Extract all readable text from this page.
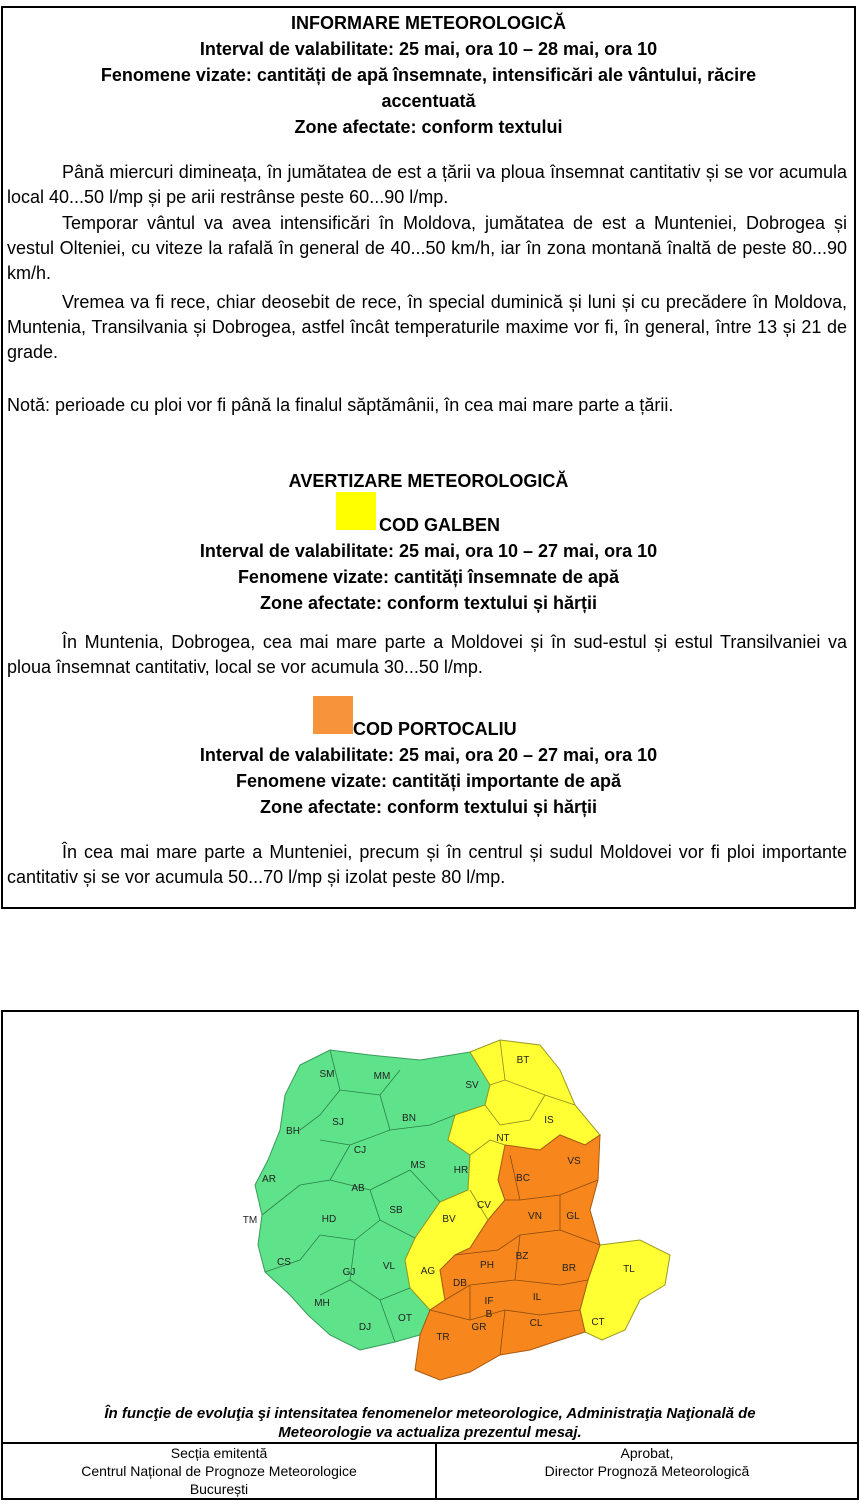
INFORMARE METEOROLOGICĂ
Interval de valabilitate: 25 mai, ora 10 – 28 mai, ora 10
Fenomene vizate: cantități de apă însemnate, intensificări ale vântului, răcire
accentuată
Zone afectate: conform textului

Până miercuri dimineața, în jumătatea de est a țării va ploua însemnat cantitativ și se vor acumula local 40...50 l/mp și pe arii restrânse peste 60...90 l/mp.

Temporar vântul va avea intensificări în Moldova, jumătatea de est a Munteniei, Dobrogea și vestul Olteniei, cu viteze la rafală în general de 40...50 km/h, iar în zona montană înaltă de peste 80...90 km/h.

Vremea va fi rece, chiar deosebit de rece, în special duminică și luni și cu precădere în Moldova, Muntenia, Transilvania și Dobrogea, astfel încât temperaturile maxime vor fi, în general, între 13 și 21 de grade.

Notă: perioade cu ploi vor fi până la finalul săptămânii, în cea mai mare parte a țării.

AVERTIZARE METEOROLOGICĂ
COD GALBEN
Interval de valabilitate: 25 mai, ora 10 – 27 mai, ora 10
Fenomene vizate: cantități însemnate de apă
Zone afectate: conform textului și hărții

În Muntenia, Dobrogea, cea mai mare parte a Moldovei și în sud-estul și estul Transilvaniei va ploua însemnat cantitativ, local se vor acumula 30...50 l/mp.

COD PORTOCALIU
Interval de valabilitate: 25 mai, ora 20 – 27 mai, ora 10
Fenomene vizate: cantități importante de apă
Zone afectate: conform textului și hărții

În cea mai mare parte a Munteniei, precum și în centrul și sudul Moldovei vor fi ploi importante cantitativ și se vor acumula 50...70 l/mp și izolat peste 80 l/mp.

SM	MM
BH
SJ	BN
CJ
AR
AB
MS
TM	HD
SB
CS
GJ
VL
MH
DJ
OT
BT
SV
IS
NT
HR
CV
BV
AG	TL
CT
BC
VS
VN GL
BZ
PH	BR
DB
IF
B
IL
CL
GR
TR
În funcţie de evoluţia şi intensitatea fenomenelor meteorologice, Administraţia Naţională de
Meteorologie va actualiza prezentul mesaj.
Secția emitentă
Centrul Național de Prognoze Meteorologice
București
Aprobat,
Director Prognoză Meteorologică
